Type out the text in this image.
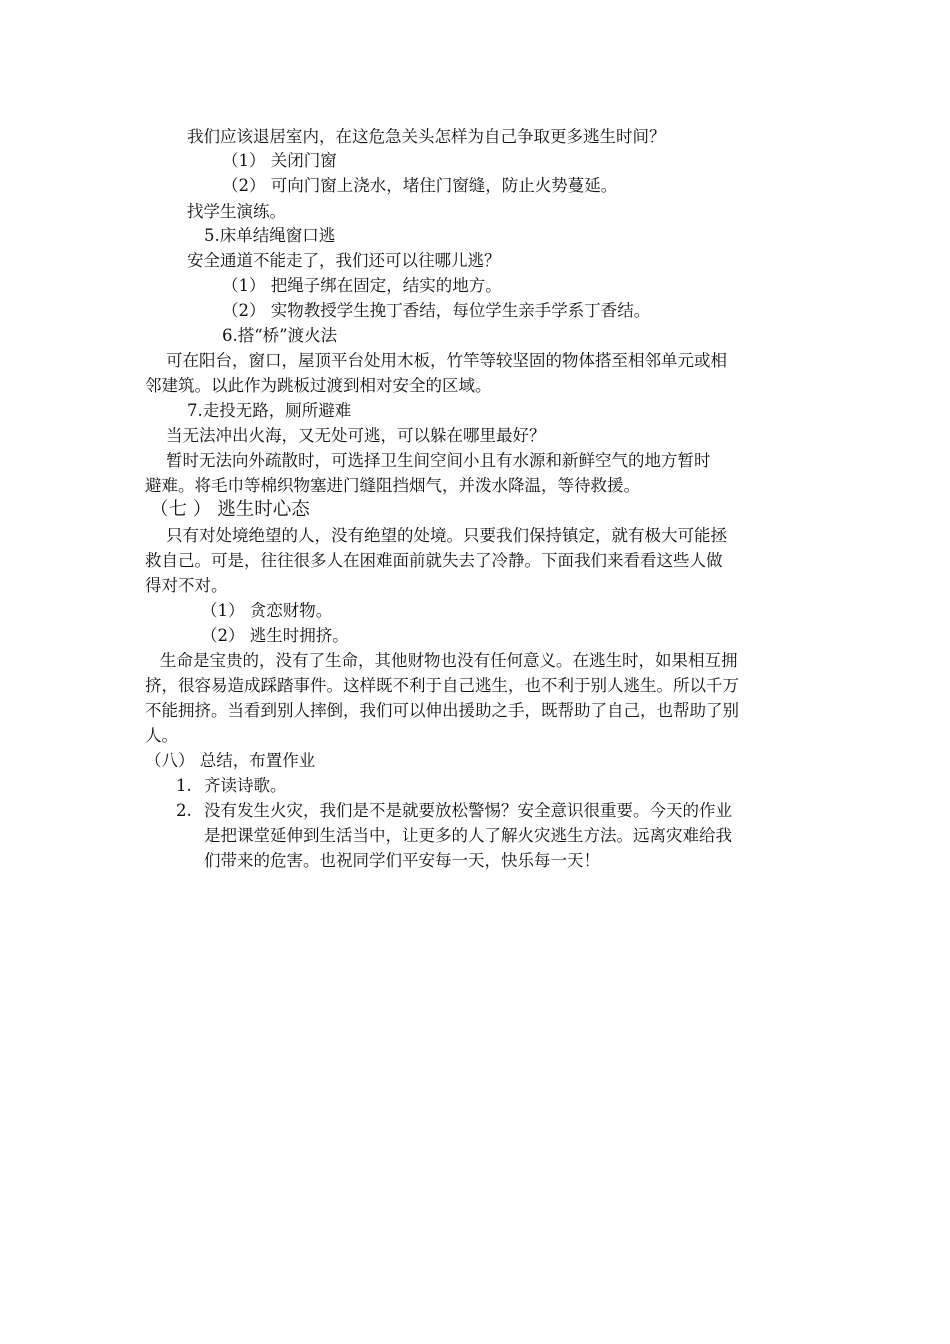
我们应该退居室内，在这危急关头怎样为自己争取更多逃生时间？
（1） 关闭门窗
（2） 可向门窗上浇水，堵住门窗缝，防止火势蔓延。
找学生演练。
5.床单结绳窗口逃
安全通道不能走了，我们还可以往哪儿逃？
（1） 把绳子绑在固定，结实的地方。
（2） 实物教授学生挽丁香结，每位学生亲手学系丁香结。
6.搭“桥”渡火法
可在阳台，窗口，屋顶平台处用木板，竹竿等较坚固的物体搭至相邻单元或相
邻建筑。以此作为跳板过渡到相对安全的区域。
7.走投无路，厕所避难
当无法冲出火海，又无处可逃，可以躲在哪里最好？
暂时无法向外疏散时，可选择卫生间空间小且有水源和新鲜空气的地方暂时
避难。将毛巾等棉织物塞进门缝阻挡烟气，并泼水降温，等待救援。
（七 ） 逃生时心态
只有对处境绝望的人，没有绝望的处境。只要我们保持镇定，就有极大可能拯
救自己。可是，往往很多人在困难面前就失去了冷静。下面我们来看看这些人做
得对不对。
（1） 贪恋财物。
（2） 逃生时拥挤。
生命是宝贵的，没有了生命，其他财物也没有任何意义。在逃生时，如果相互拥
挤，很容易造成踩踏事件。这样既不利于自己逃生，也不利于别人逃生。所以千万
不能拥挤。当看到别人摔倒，我们可以伸出援助之手，既帮助了自己，也帮助了别
人。
（八） 总结，布置作业
1. 齐读诗歌。
2. 没有发生火灾，我们是不是就要放松警惕？安全意识很重要。今天的作业
是把课堂延伸到生活当中，让更多的人了解火灾逃生方法。远离灾难给我
们带来的危害。也祝同学们平安每一天，快乐每一天！
